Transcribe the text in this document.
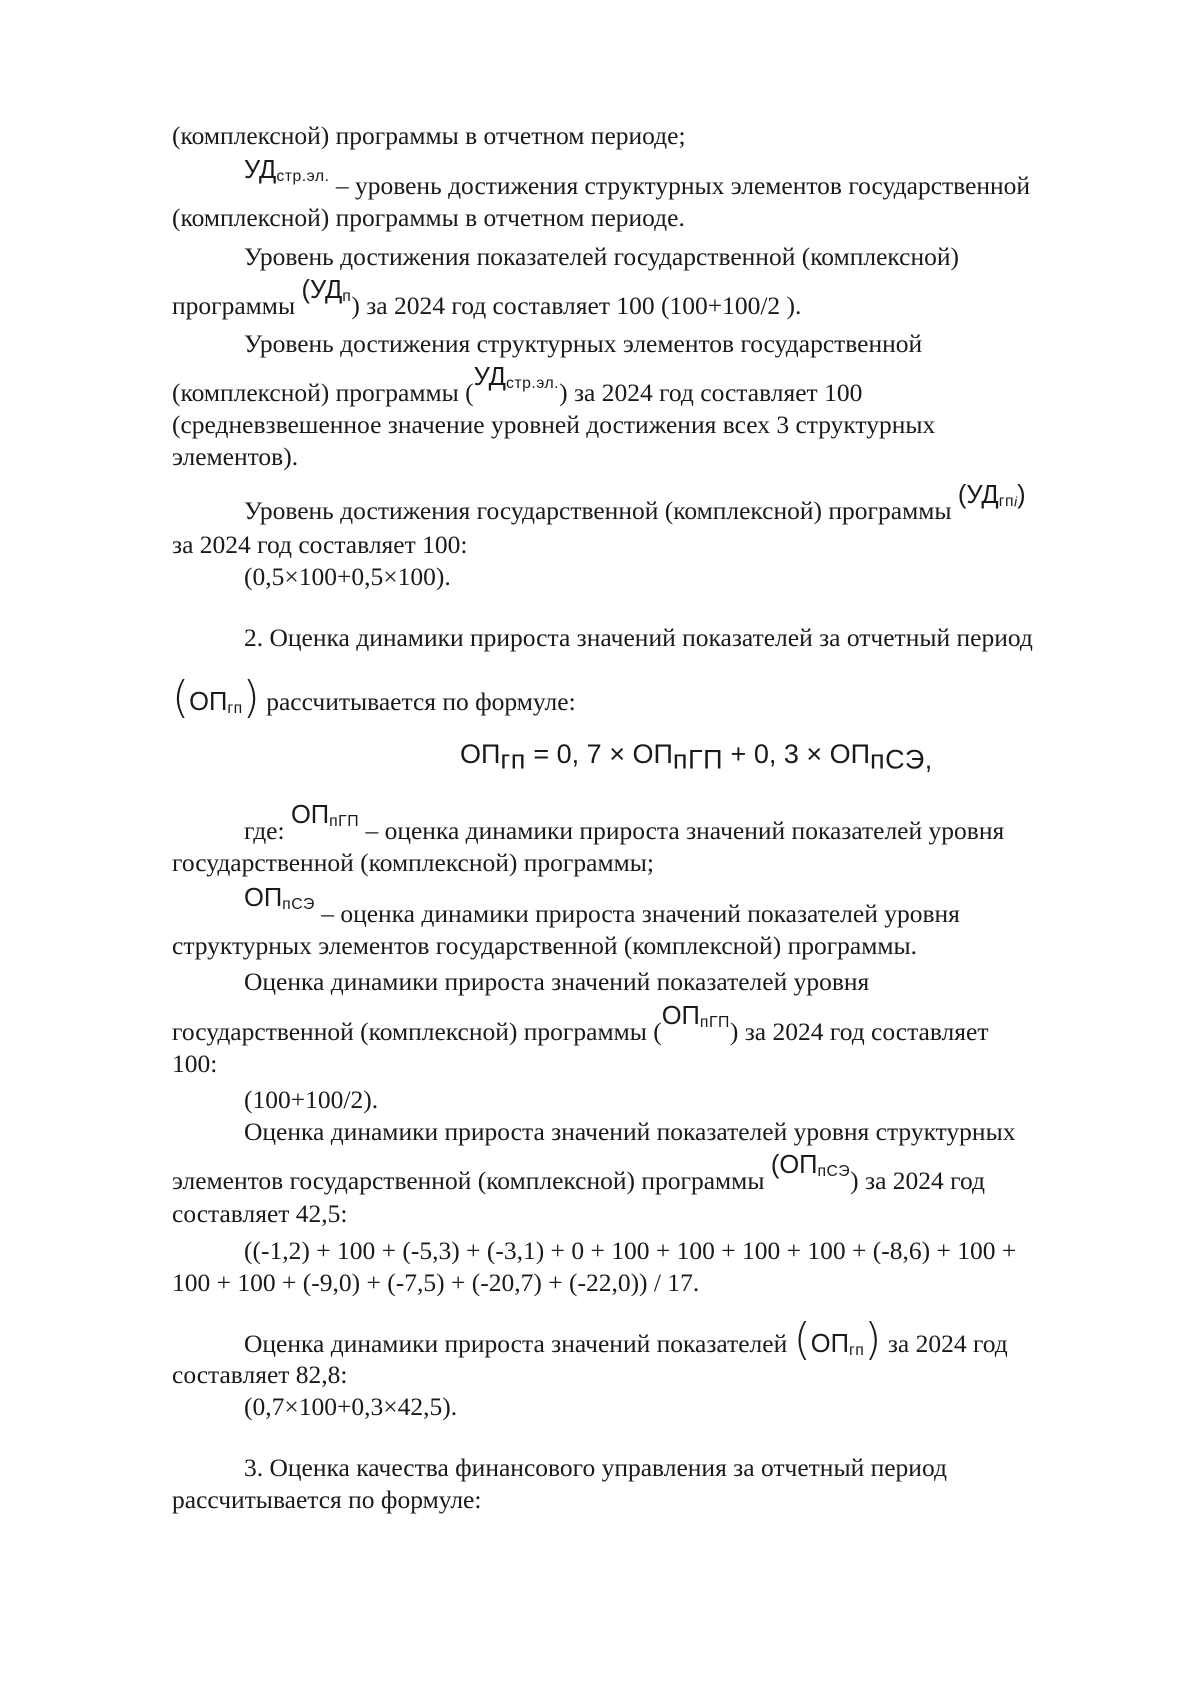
(комплексной) программы в отчетном периоде;
УДстр.эл. – уровень достижения структурных элементов государственной
(комплексной) программы в отчетном периоде.
Уровень достижения показателей государственной (комплексной)
программы (УДп) за 2024 год составляет 100 (100+100/2 ).
Уровень достижения структурных элементов государственной
(комплексной) программы (УДстр.эл.) за 2024 год составляет 100
(средневзвешенное значение уровней достижения всех 3 структурных
элементов).
Уровень достижения государственной (комплексной) программы (УДгпi)
за 2024 год составляет 100:
(0,5×100+0,5×100).
2. Оценка динамики прироста значений показателей за отчетный период
(ОПгп) рассчитывается по формуле:
ОПгп = 0, 7 × ОПпГП + 0, 3 × ОПпСЭ,
где: ОПпГП – оценка динамики прироста значений показателей уровня
государственной (комплексной) программы;
ОПпСЭ – оценка динамики прироста значений показателей уровня
структурных элементов государственной (комплексной) программы.
Оценка динамики прироста значений показателей уровня
государственной (комплексной) программы (ОПпГП) за 2024 год составляет
100:
(100+100/2).
Оценка динамики прироста значений показателей уровня структурных
элементов государственной (комплексной) программы (ОПпСЭ) за 2024 год
составляет 42,5:
((-1,2) + 100 + (-5,3) + (-3,1) + 0 + 100 + 100 + 100 + 100 + (-8,6) + 100 +
100 + 100 + (-9,0) + (-7,5) + (-20,7) + (-22,0)) / 17.
Оценка динамики прироста значений показателей (ОПгп) за 2024 год
составляет 82,8:
(0,7×100+0,3×42,5).
3. Оценка качества финансового управления за отчетный период
рассчитывается по формуле:
